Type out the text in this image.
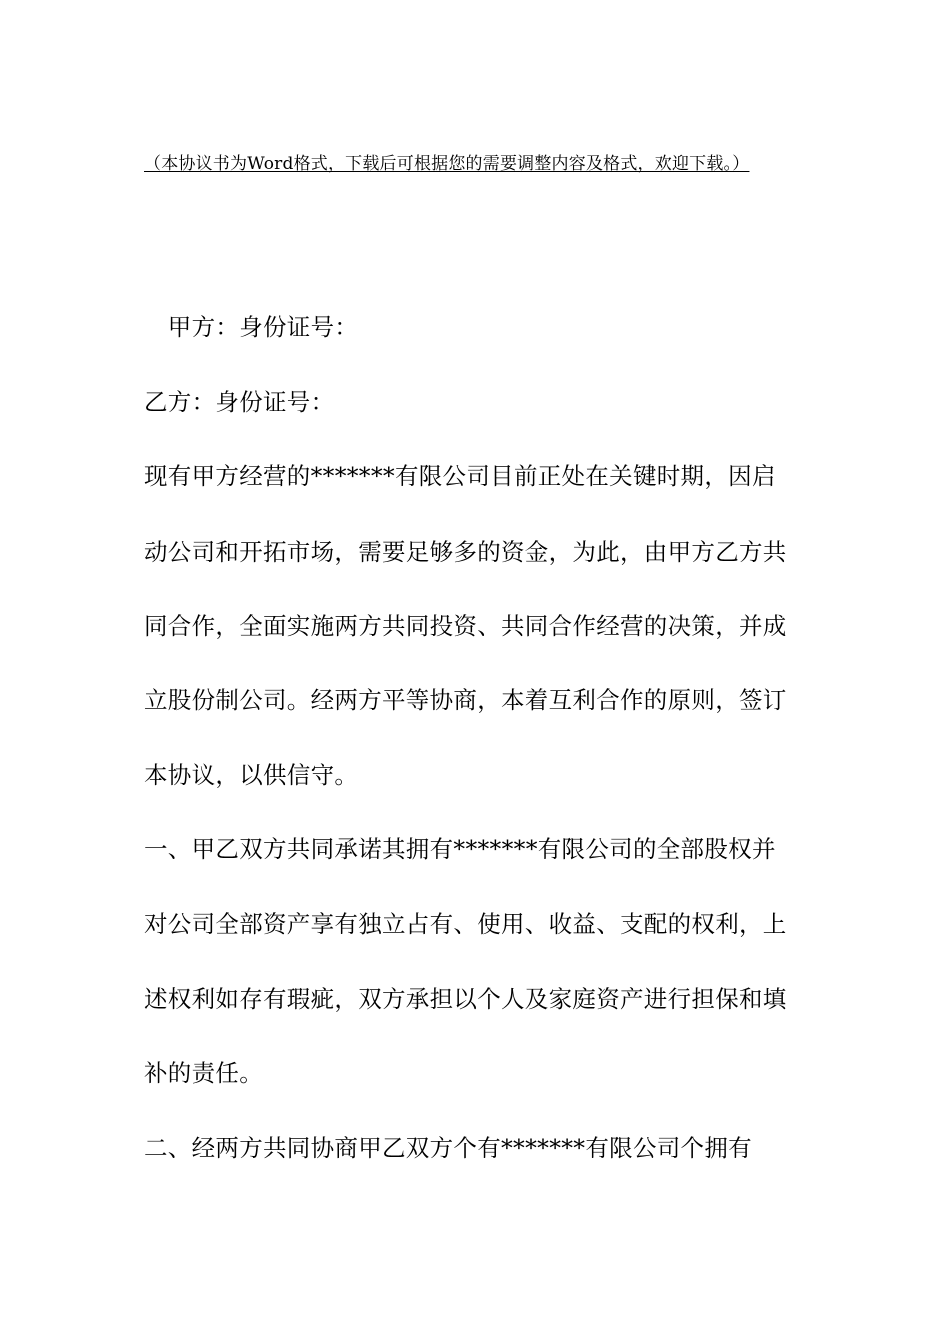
（本协议书为Word格式，下载后可根据您的需要调整内容及格式，欢迎下载。）
　甲方：身份证号：
乙方：身份证号：
现有甲方经营的*******有限公司目前正处在关键时期，因启
动公司和开拓市场，需要足够多的资金，为此，由甲方乙方共
同合作，全面实施两方共同投资、共同合作经营的决策，并成
立股份制公司。经两方平等协商，本着互利合作的原则，签订
本协议，以供信守。
一、甲乙双方共同承诺其拥有*******有限公司的全部股权并
对公司全部资产享有独立占有、使用、收益、支配的权利，上
述权利如存有瑕疵，双方承担以个人及家庭资产进行担保和填
补的责任。
二、经两方共同协商甲乙双方个有*******有限公司个拥有
